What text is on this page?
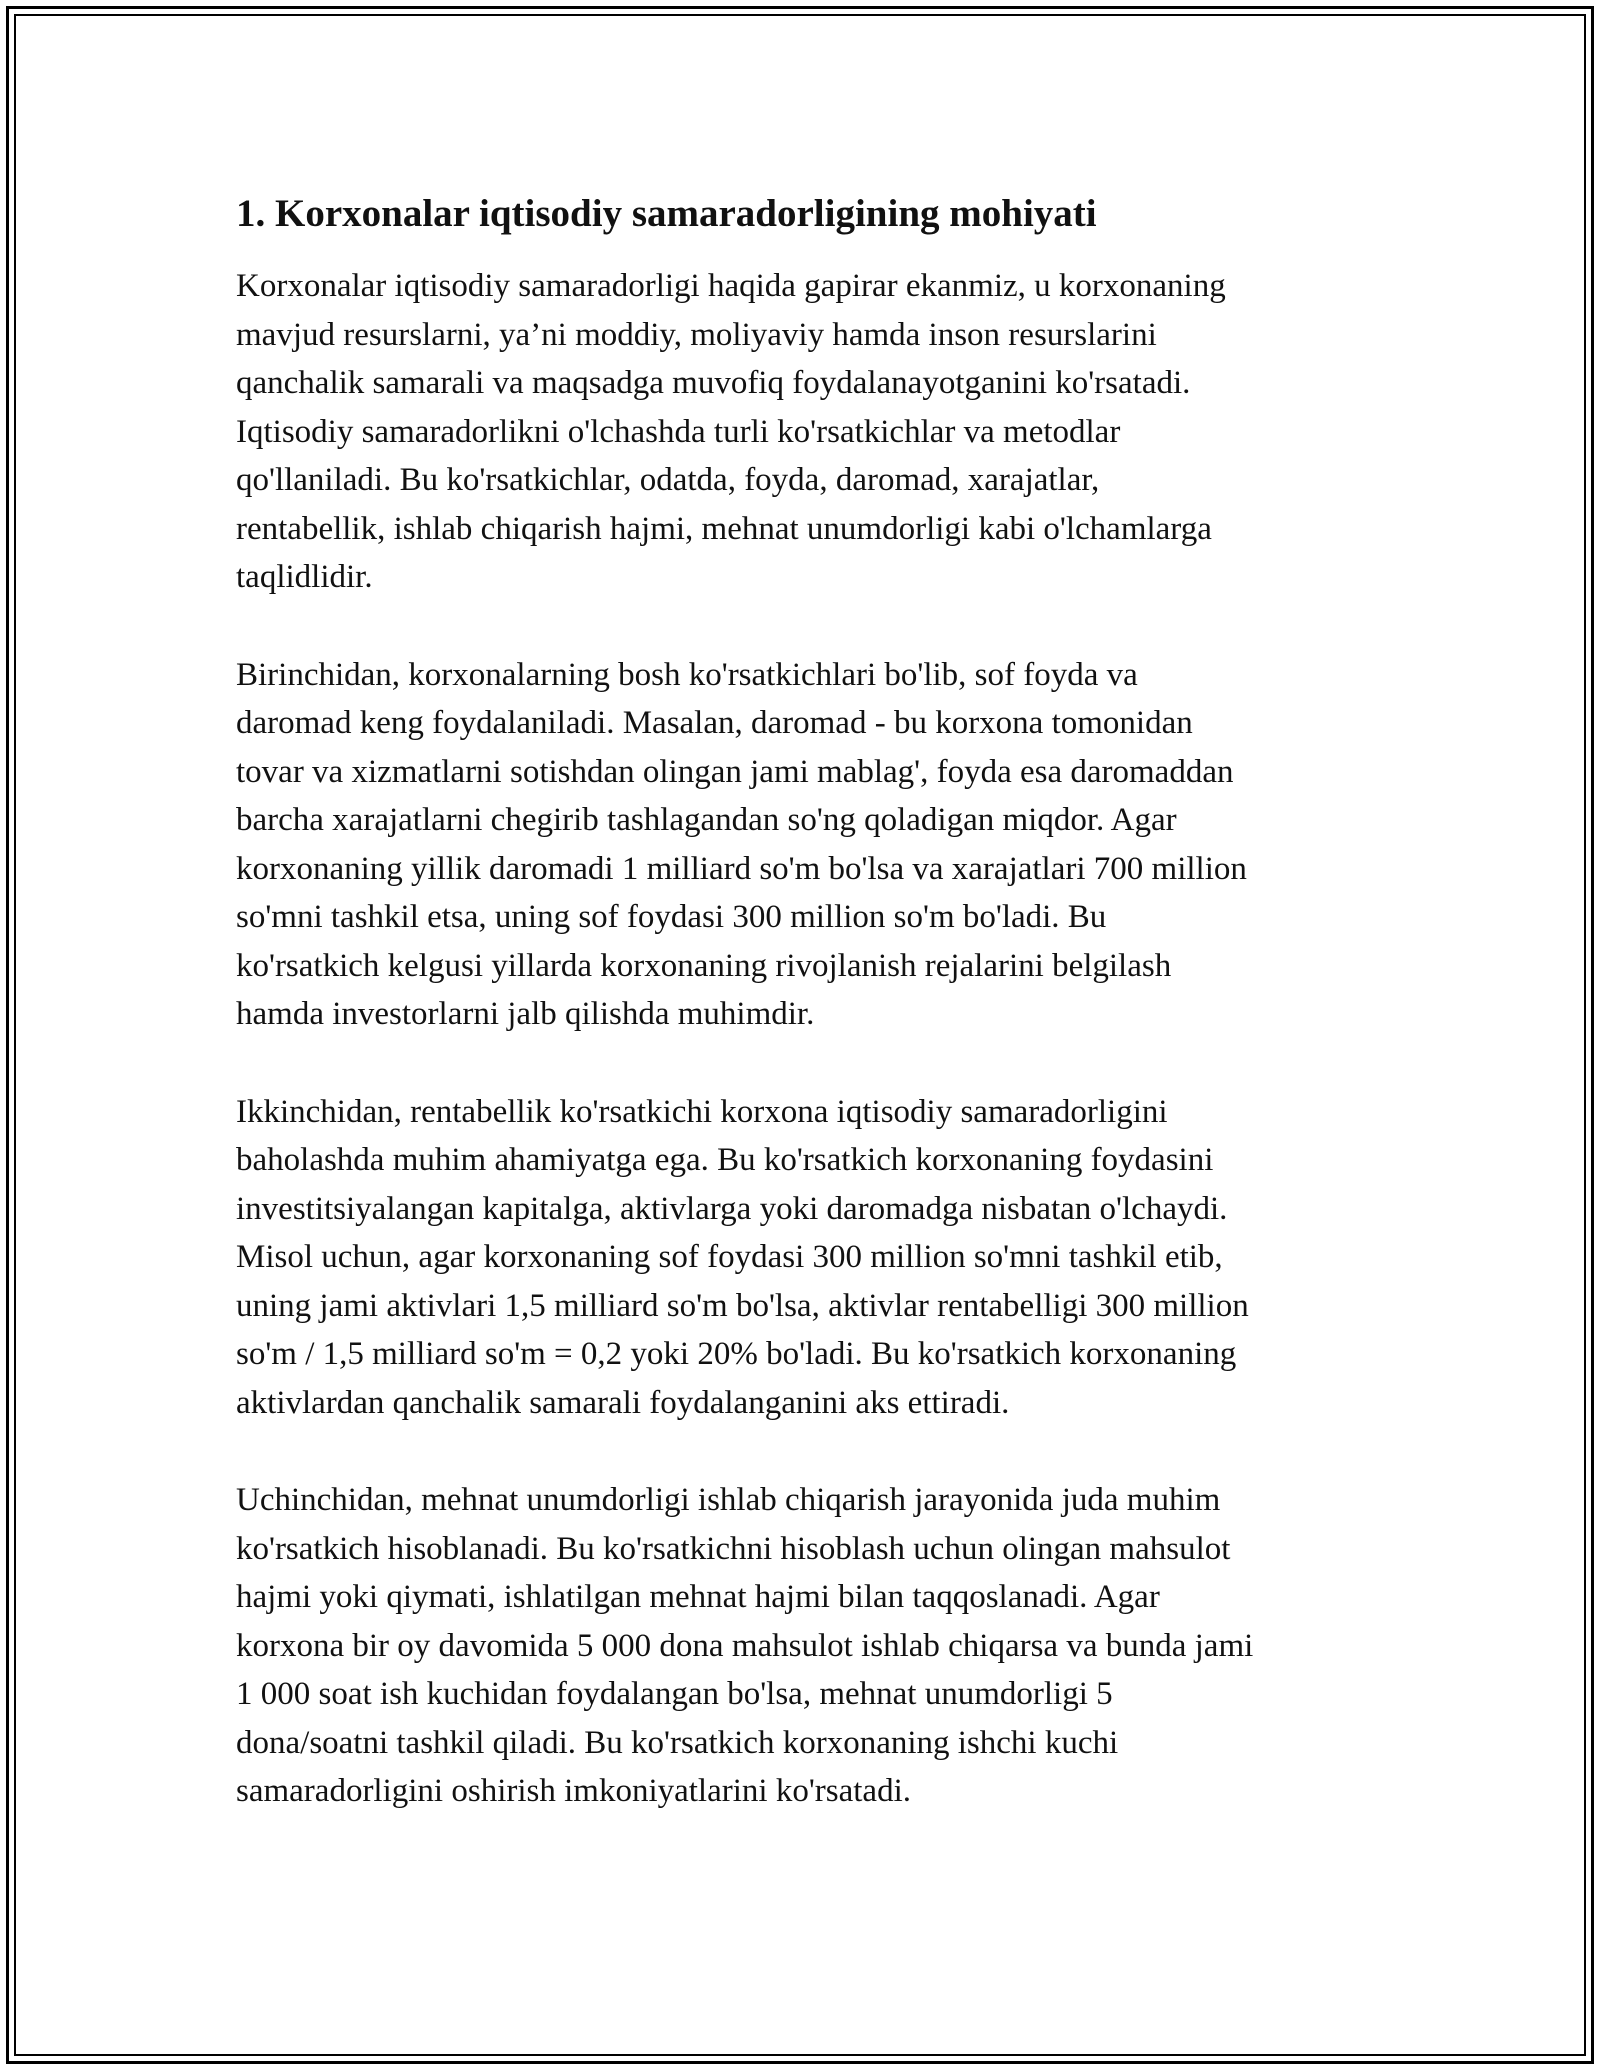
1. Korxonalar iqtisodiy samaradorligining mohiyati

Korxonalar iqtisodiy samaradorligi haqida gapirar ekanmiz, u korxonaning
mavjud resurslarni, ya’ni moddiy, moliyaviy hamda inson resurslarini
qanchalik samarali va maqsadga muvofiq foydalanayotganini ko'rsatadi.
Iqtisodiy samaradorlikni o'lchashda turli ko'rsatkichlar va metodlar
qo'llaniladi. Bu ko'rsatkichlar, odatda, foyda, daromad, xarajatlar,
rentabellik, ishlab chiqarish hajmi, mehnat unumdorligi kabi o'lchamlarga
taqlidlidir.

Birinchidan, korxonalarning bosh ko'rsatkichlari bo'lib, sof foyda va
daromad keng foydalaniladi. Masalan, daromad - bu korxona tomonidan
tovar va xizmatlarni sotishdan olingan jami mablag', foyda esa daromaddan
barcha xarajatlarni chegirib tashlagandan so'ng qoladigan miqdor. Agar
korxonaning yillik daromadi 1 milliard so'm bo'lsa va xarajatlari 700 million
so'mni tashkil etsa, uning sof foydasi 300 million so'm bo'ladi. Bu
ko'rsatkich kelgusi yillarda korxonaning rivojlanish rejalarini belgilash
hamda investorlarni jalb qilishda muhimdir.

Ikkinchidan, rentabellik ko'rsatkichi korxona iqtisodiy samaradorligini
baholashda muhim ahamiyatga ega. Bu ko'rsatkich korxonaning foydasini
investitsiyalangan kapitalga, aktivlarga yoki daromadga nisbatan o'lchaydi.
Misol uchun, agar korxonaning sof foydasi 300 million so'mni tashkil etib,
uning jami aktivlari 1,5 milliard so'm bo'lsa, aktivlar rentabelligi 300 million
so'm / 1,5 milliard so'm = 0,2 yoki 20% bo'ladi. Bu ko'rsatkich korxonaning
aktivlardan qanchalik samarali foydalanganini aks ettiradi.

Uchinchidan, mehnat unumdorligi ishlab chiqarish jarayonida juda muhim
ko'rsatkich hisoblanadi. Bu ko'rsatkichni hisoblash uchun olingan mahsulot
hajmi yoki qiymati, ishlatilgan mehnat hajmi bilan taqqoslanadi. Agar
korxona bir oy davomida 5 000 dona mahsulot ishlab chiqarsa va bunda jami
1 000 soat ish kuchidan foydalangan bo'lsa, mehnat unumdorligi 5
dona/soatni tashkil qiladi. Bu ko'rsatkich korxonaning ishchi kuchi
samaradorligini oshirish imkoniyatlarini ko'rsatadi.
